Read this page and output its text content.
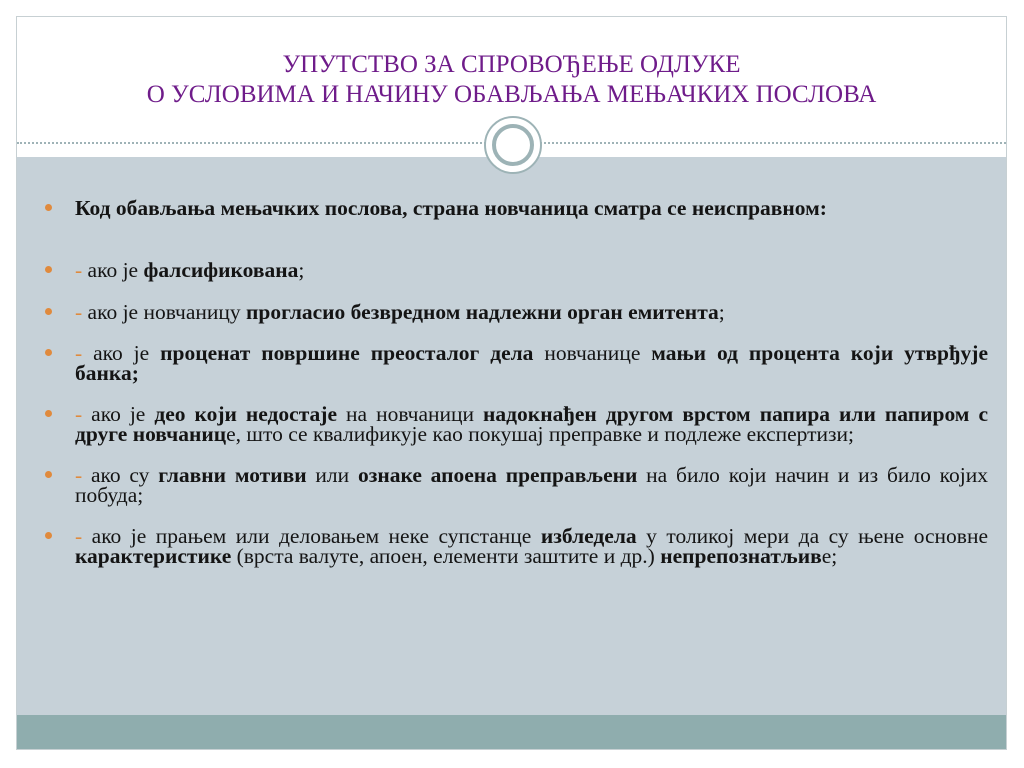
УПУТСТВО ЗА СПРОВОЂЕЊЕ ОДЛУКЕ
О УСЛОВИМА И НАЧИНУ ОБАВЉАЊА МЕЊАЧКИХ ПОСЛОВА
Код обављања мењачких послова, страна новчаница сматра се неисправном:
- ако је фалсификована;
- ако је новчаницу прогласио безвредном надлежни орган емитента;
- ако је проценат површине преосталог дела новчанице мањи од процента који утврђује банка;
- ако је део који недостаје на новчаници надокнађен другом врстом папира или папиром с друге новчанице, што се квалификује као покушај преправке и подлеже експертизи;
- ако су главни мотиви или ознаке апоена преправљени на било који начин и из било којих побуда;
- ако је прањем или деловањем неке супстанце избледела у толикој мери да су њене основне карактеристике (врста валуте, апоен, елементи заштите и др.) непрепознатљиве;
